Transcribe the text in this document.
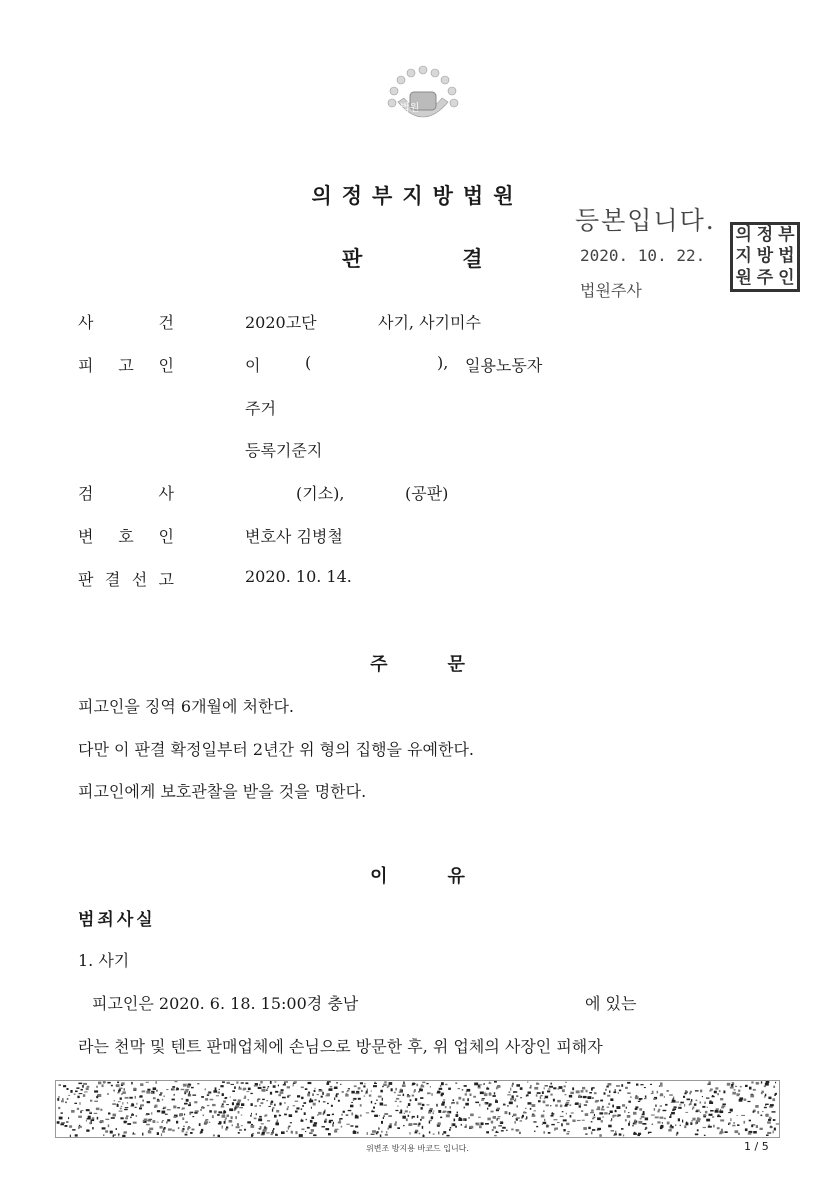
법원
의정부지방법원
판	결
등본입니다.
2020. 10. 22.
법원주사
의 정 부
지 방 법
원 주 인
사	건	2020고단	사기, 사기미수
피 고 인	이	(	), 일용노동자
주거
등록기준지
검	사	(기소),	(공판)
변 호 인	변호사 김병철
판 결 선 고	2020. 10. 14.
주	문
피고인을 징역 6개월에 처한다.
다만 이 판결 확정일부터 2년간 위 형의 집행을 유예한다.
피고인에게 보호관찰을 받을 것을 명한다.
이	유
범죄사실
1. 사기
피고인은 2020. 6. 18. 15:00경 충남	에 있는
라는 천막 및 텐트 판매업체에 손님으로 방문한 후, 위 업체의 사장인 피해자
위변조 방지용 바코드 입니다.	1 / 5
